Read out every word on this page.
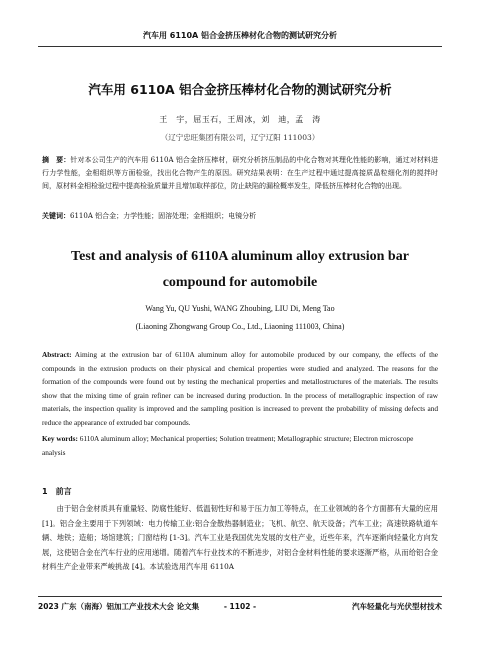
汽车用 6110A 铝合金挤压棒材化合物的测试研究分析
汽车用 6110A 铝合金挤压棒材化合物的测试研究分析
王　宇，屈玉石，王周冰，刘　迪，孟　涛
（辽宁忠旺集团有限公司，辽宁辽阳 111003）
摘　要：针对本公司生产的汽车用 6110A 铝合金挤压棒材，研究分析挤压制品的中化合物对其理化性能的影响，通过对材料进行力学性能，金相组织等方面检验，找出化合物产生的原因。研究结果表明：在生产过程中通过提高接质晶粒细化剂的搅拌时间，原材料金相检验过程中提高检验质量并且增加取样部位，防止缺陷的漏检概率发生，降低挤压棒材化合物的出现。
关键词：6110A 铝合金；力学性能；固溶处理；金相组织；电镜分析
Test and analysis of 6110A aluminum alloy extrusion bar compound for automobile
Wang Yu, QU Yushi, WANG Zhoubing, LIU Di, Meng Tao
(Liaoning Zhongwang Group Co., Ltd., Liaoning 111003, China)
Abstract: Aiming at the extrusion bar of 6110A aluminum alloy for automobile produced by our company, the effects of the compounds in the extrusion products on their physical and chemical properties were studied and analyzed. The reasons for the formation of the compounds were found out by testing the mechanical properties and metallostructures of the materials. The results show that the mixing time of grain refiner can be increased during production. In the process of metallographic inspection of raw materials, the inspection quality is improved and the sampling position is increased to prevent the probability of missing defects and reduce the appearance of extruded bar compounds.
Key words: 6110A aluminum alloy; Mechanical properties; Solution treatment; Metallographic structure; Electron microscope analysis
1　前言
由于铝合金材质具有重量轻、防腐性能好、低温韧性好和易于压力加工等特点，在工业领域的各个方面都有大量的应用 [1]。铝合金主要用于下列领域：电力传输工业:铝合金散热器制造业；飞机、航空、航天设备；汽车工业；高速铁路轨道车辆、地铁；造船；场馆建筑；门窗结构 [1-3]。汽车工业是我国优先发展的支柱产业，近些年来，汽车逐渐向轻量化方向发展，这使铝合金在汽车行业的应用递增。随着汽车行业技术的不断进步，对铝合金材料性能的要求逐渐严格，从而给铝合金材料生产企业带来严峻挑战 [4]。本试验选用汽车用 6110A
2023 广东（南海）铝加工产业技术大会 论文集	- 1102 -	汽车轻量化与光伏型材技术
